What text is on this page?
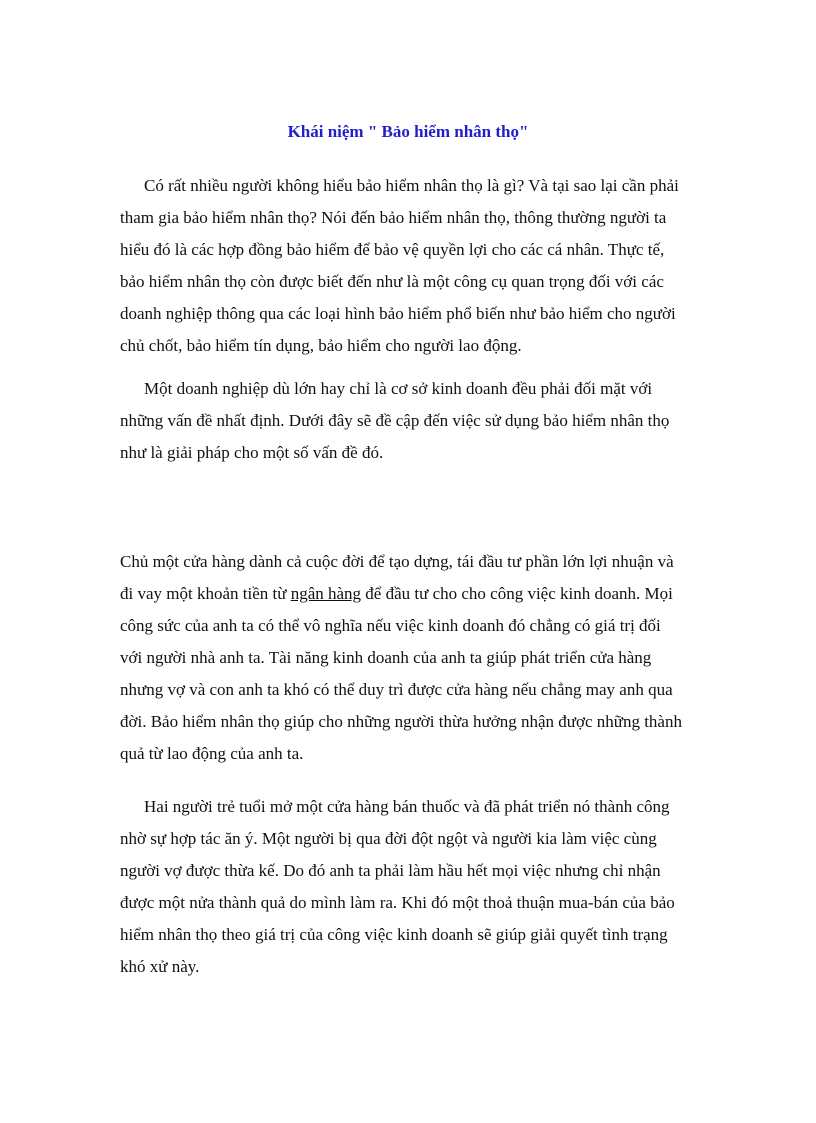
Khái niệm " Bảo hiểm nhân thọ"

Có rất nhiều người không hiểu bảo hiểm nhân thọ là gì? Và tại sao lại cần phải
tham gia bảo hiểm nhân thọ? Nói đến bảo hiểm nhân thọ, thông thường người ta
hiểu đó là các hợp đồng bảo hiểm để bảo vệ quyền lợi cho các cá nhân. Thực tế,
bảo hiểm nhân thọ còn được biết đến như là một công cụ quan trọng đối với các
doanh nghiệp thông qua các loại hình bảo hiểm phổ biến như bảo hiểm cho người
chủ chốt, bảo hiểm tín dụng, bảo hiểm cho người lao động.

Một doanh nghiệp dù lớn hay chỉ là cơ sở kinh doanh đều phải đối mặt với
những vấn đề nhất định. Dưới đây sẽ đề cập đến việc sử dụng bảo hiểm nhân thọ
như là giải pháp cho một số vấn đề đó.

Chủ một cửa hàng dành cả cuộc đời để tạo dựng, tái đầu tư phần lớn lợi nhuận và
đi vay một khoản tiền từ ngân hàng để đầu tư cho cho công việc kinh doanh. Mọi
công sức của anh ta có thể vô nghĩa nếu việc kinh doanh đó chẳng có giá trị đối
với người nhà anh ta. Tài năng kinh doanh của anh ta giúp phát triển cửa hàng
nhưng vợ và con anh ta khó có thể duy trì được cửa hàng nếu chẳng may anh qua
đời. Bảo hiểm nhân thọ giúp cho những người thừa hưởng nhận được những thành
quả từ lao động của anh ta.

Hai người trẻ tuổi mở một cửa hàng bán thuốc và đã phát triển nó thành công
nhờ sự hợp tác ăn ý. Một người bị qua đời đột ngột và người kia làm việc cùng
người vợ được thừa kế. Do đó anh ta phải làm hầu hết mọi việc nhưng chỉ nhận
được một nửa thành quả do mình làm ra. Khi đó một thoả thuận mua-bán của bảo
hiểm nhân thọ theo giá trị của công việc kinh doanh sẽ giúp giải quyết tình trạng
khó xử này.
